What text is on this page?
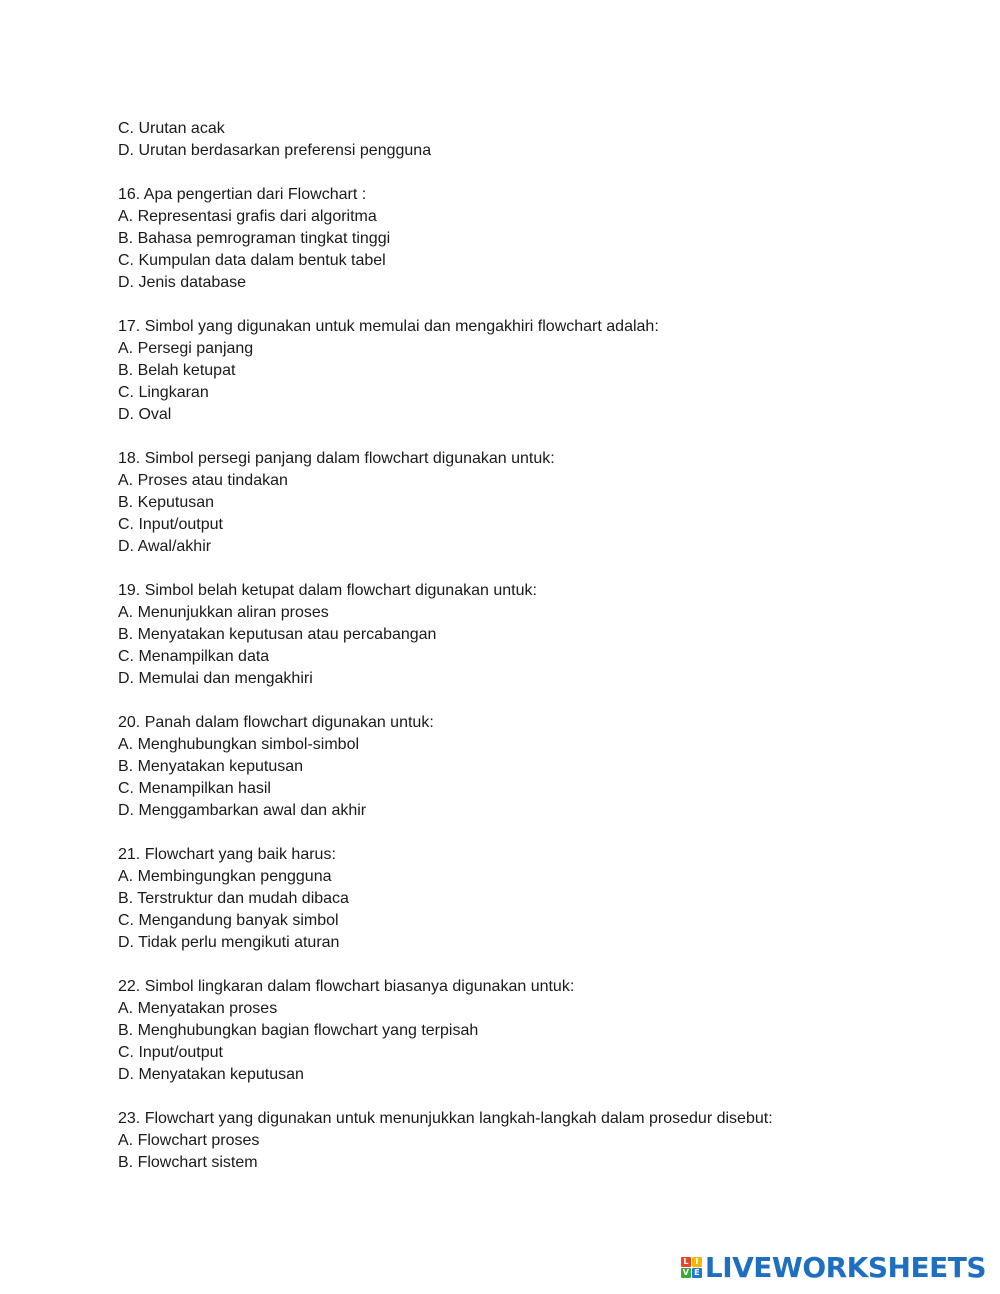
C. Urutan acak
D. Urutan berdasarkan preferensi pengguna
16. Apa pengertian dari Flowchart :
A. Representasi grafis dari algoritma
B. Bahasa pemrograman tingkat tinggi
C. Kumpulan data dalam bentuk tabel
D. Jenis database
17. Simbol yang digunakan untuk memulai dan mengakhiri flowchart adalah:
A. Persegi panjang
B. Belah ketupat
C. Lingkaran
D. Oval
18. Simbol persegi panjang dalam flowchart digunakan untuk:
A. Proses atau tindakan
B. Keputusan
C. Input/output
D. Awal/akhir
19. Simbol belah ketupat dalam flowchart digunakan untuk:
A. Menunjukkan aliran proses
B. Menyatakan keputusan atau percabangan
C. Menampilkan data
D. Memulai dan mengakhiri
20. Panah dalam flowchart digunakan untuk:
A. Menghubungkan simbol-simbol
B. Menyatakan keputusan
C. Menampilkan hasil
D. Menggambarkan awal dan akhir
21. Flowchart yang baik harus:
A. Membingungkan pengguna
B. Terstruktur dan mudah dibaca
C. Mengandung banyak simbol
D. Tidak perlu mengikuti aturan
22. Simbol lingkaran dalam flowchart biasanya digunakan untuk:
A. Menyatakan proses
B. Menghubungkan bagian flowchart yang terpisah
C. Input/output
D. Menyatakan keputusan
23. Flowchart yang digunakan untuk menunjukkan langkah-langkah dalam prosedur disebut:
A. Flowchart proses
B. Flowchart sistem
L I
V E LIVEWORKSHEETS
